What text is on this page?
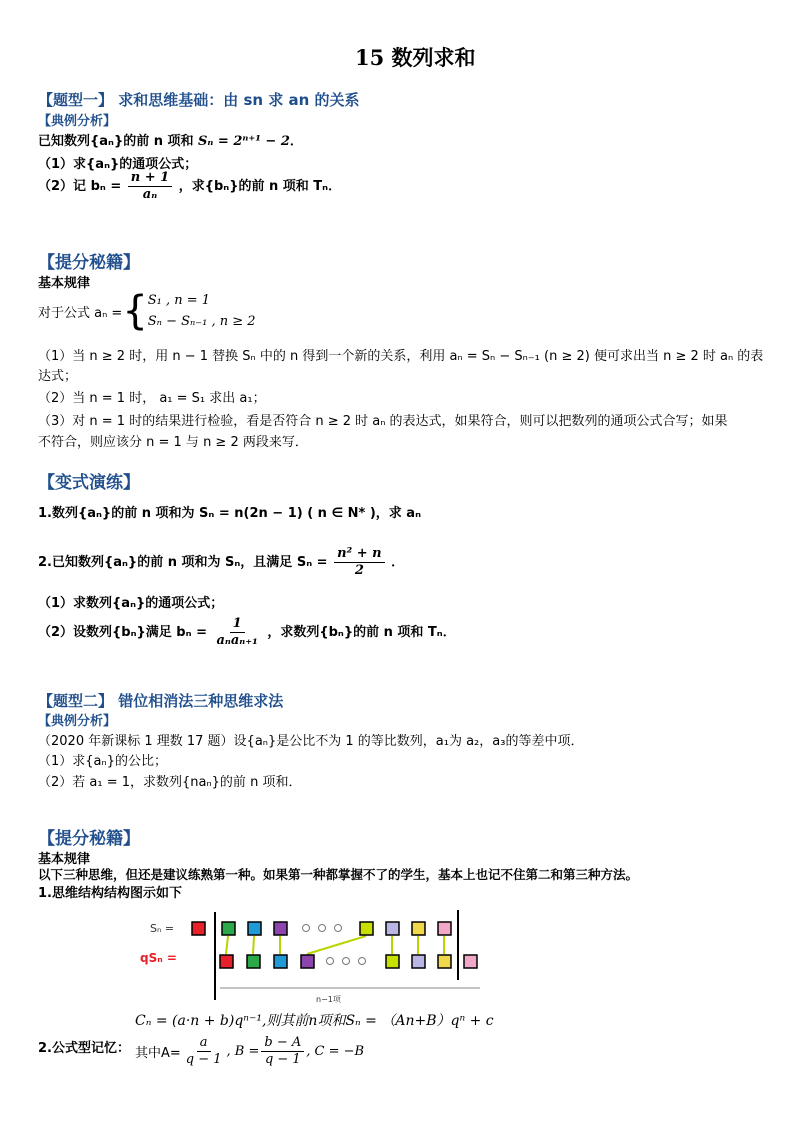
15 数列求和
【题型一】 求和思维基础：由 sn 求 an 的关系
【典例分析】
已知数列{aₙ}的前 n 项和 Sₙ = 2ⁿ⁺¹ − 2．
（1）求{aₙ}的通项公式；
（2）记 $b_n = \frac{n + 1}{\text{aₙ}}$ ，求{bₙ}的前 n 项和 Tₙ．
【提分秘籍】
基本规律
对于公式 aₙ = { S₁ , n = 1
Sₙ − Sₙ₋₁ , n ≥ 2
（1）当 n ≥ 2 时，用 n − 1 替换 Sₙ 中的 n 得到一个新的关系，利用 aₙ = Sₙ − Sₙ₋₁ (n ≥ 2) 便可求出当 n ≥ 2 时 aₙ 的表
达式；
（2）当 n = 1 时， a₁ = S₁ 求出 a₁；
（3）对 n = 1 时的结果进行检验，看是否符合 n ≥ 2 时 aₙ 的表达式，如果符合，则可以把数列的通项公式合写；如果
不符合，则应该分 n = 1 与 n ≥ 2 两段来写．
【变式演练】
1.数列{aₙ}的前 n 项和为 Sₙ = n(2n − 1) ( n ∈ N* )，求 aₙ
2.已知数列{aₙ}的前 n 项和为 Sₙ，且满足 $S_n = \frac{\text{n² + n}}{2}$ ．
（1）求数列{aₙ}的通项公式；
（2）设数列{bₙ}满足 $b_n = \frac{1}{\text{aₙaₙ₊₁}}$ ，求数列{bₙ}的前 n 项和 Tₙ．
【题型二】 错位相消法三种思维求法
【典例分析】
（2020 年新课标 1 理数 17 题）设{aₙ}是公比不为 1 的等比数列，a₁为 a₂，a₃的等差中项．
（1）求{aₙ}的公比；
（2）若 a₁ = 1，求数列{naₙ}的前 n 项和．
【提分秘籍】
基本规律
以下三种思维，但还是建议练熟第一种。如果第一种都掌握不了的学生，基本上也记不住第二和第三种方法。
1.思维结构结构图示如下
Sₙ =
qSₙ =
n−1项
Cₙ = (a·n + b)qⁿ⁻¹,则其前n项和Sₙ = （An+B）qⁿ + c
2.公式型记忆： 其中$A= \frac{a}{q - 1}$ , $B = \frac{b - A}{q - 1}$ , C = −B
